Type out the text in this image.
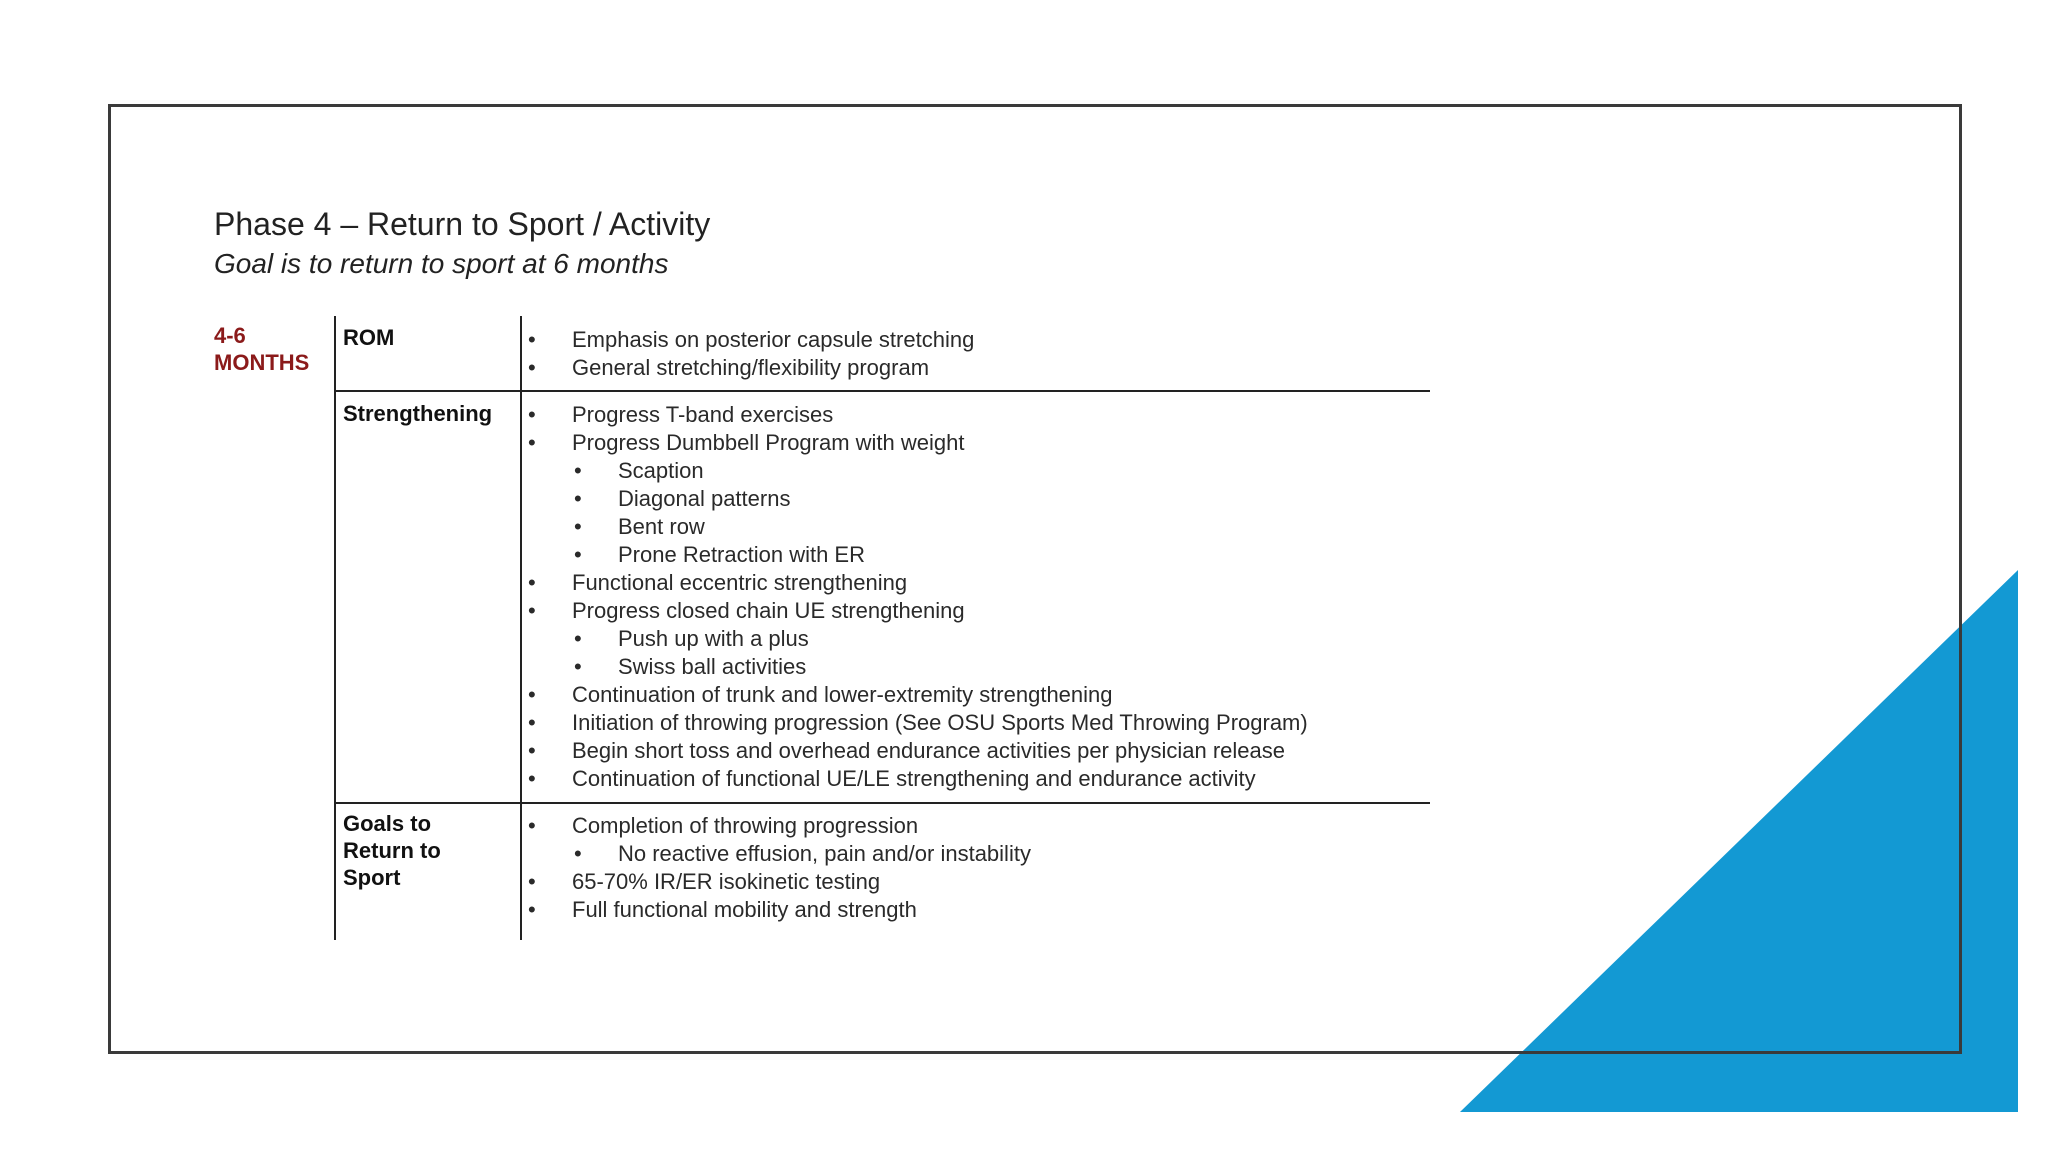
Phase 4 – Return to Sport / Activity
Goal is to return to sport at 6 months
4-6
MONTHS
ROM	• Emphasis on posterior capsule stretching
• General stretching/flexibility program
Strengthening • Progress T-band exercises
• Progress Dumbbell Program with weight
• Scaption
• Diagonal patterns
• Bent row
• Prone Retraction with ER
• Functional eccentric strengthening
• Progress closed chain UE strengthening
• Push up with a plus
• Swiss ball activities
• Continuation of trunk and lower-extremity strengthening
• Initiation of throwing progression (See OSU Sports Med Throwing Program)
• Begin short toss and overhead endurance activities per physician release
• Continuation of functional UE/LE strengthening and endurance activity
Goals to
Return to
Sport
• Completion of throwing progression
• No reactive effusion, pain and/or instability
• 65-70% IR/ER isokinetic testing
• Full functional mobility and strength
